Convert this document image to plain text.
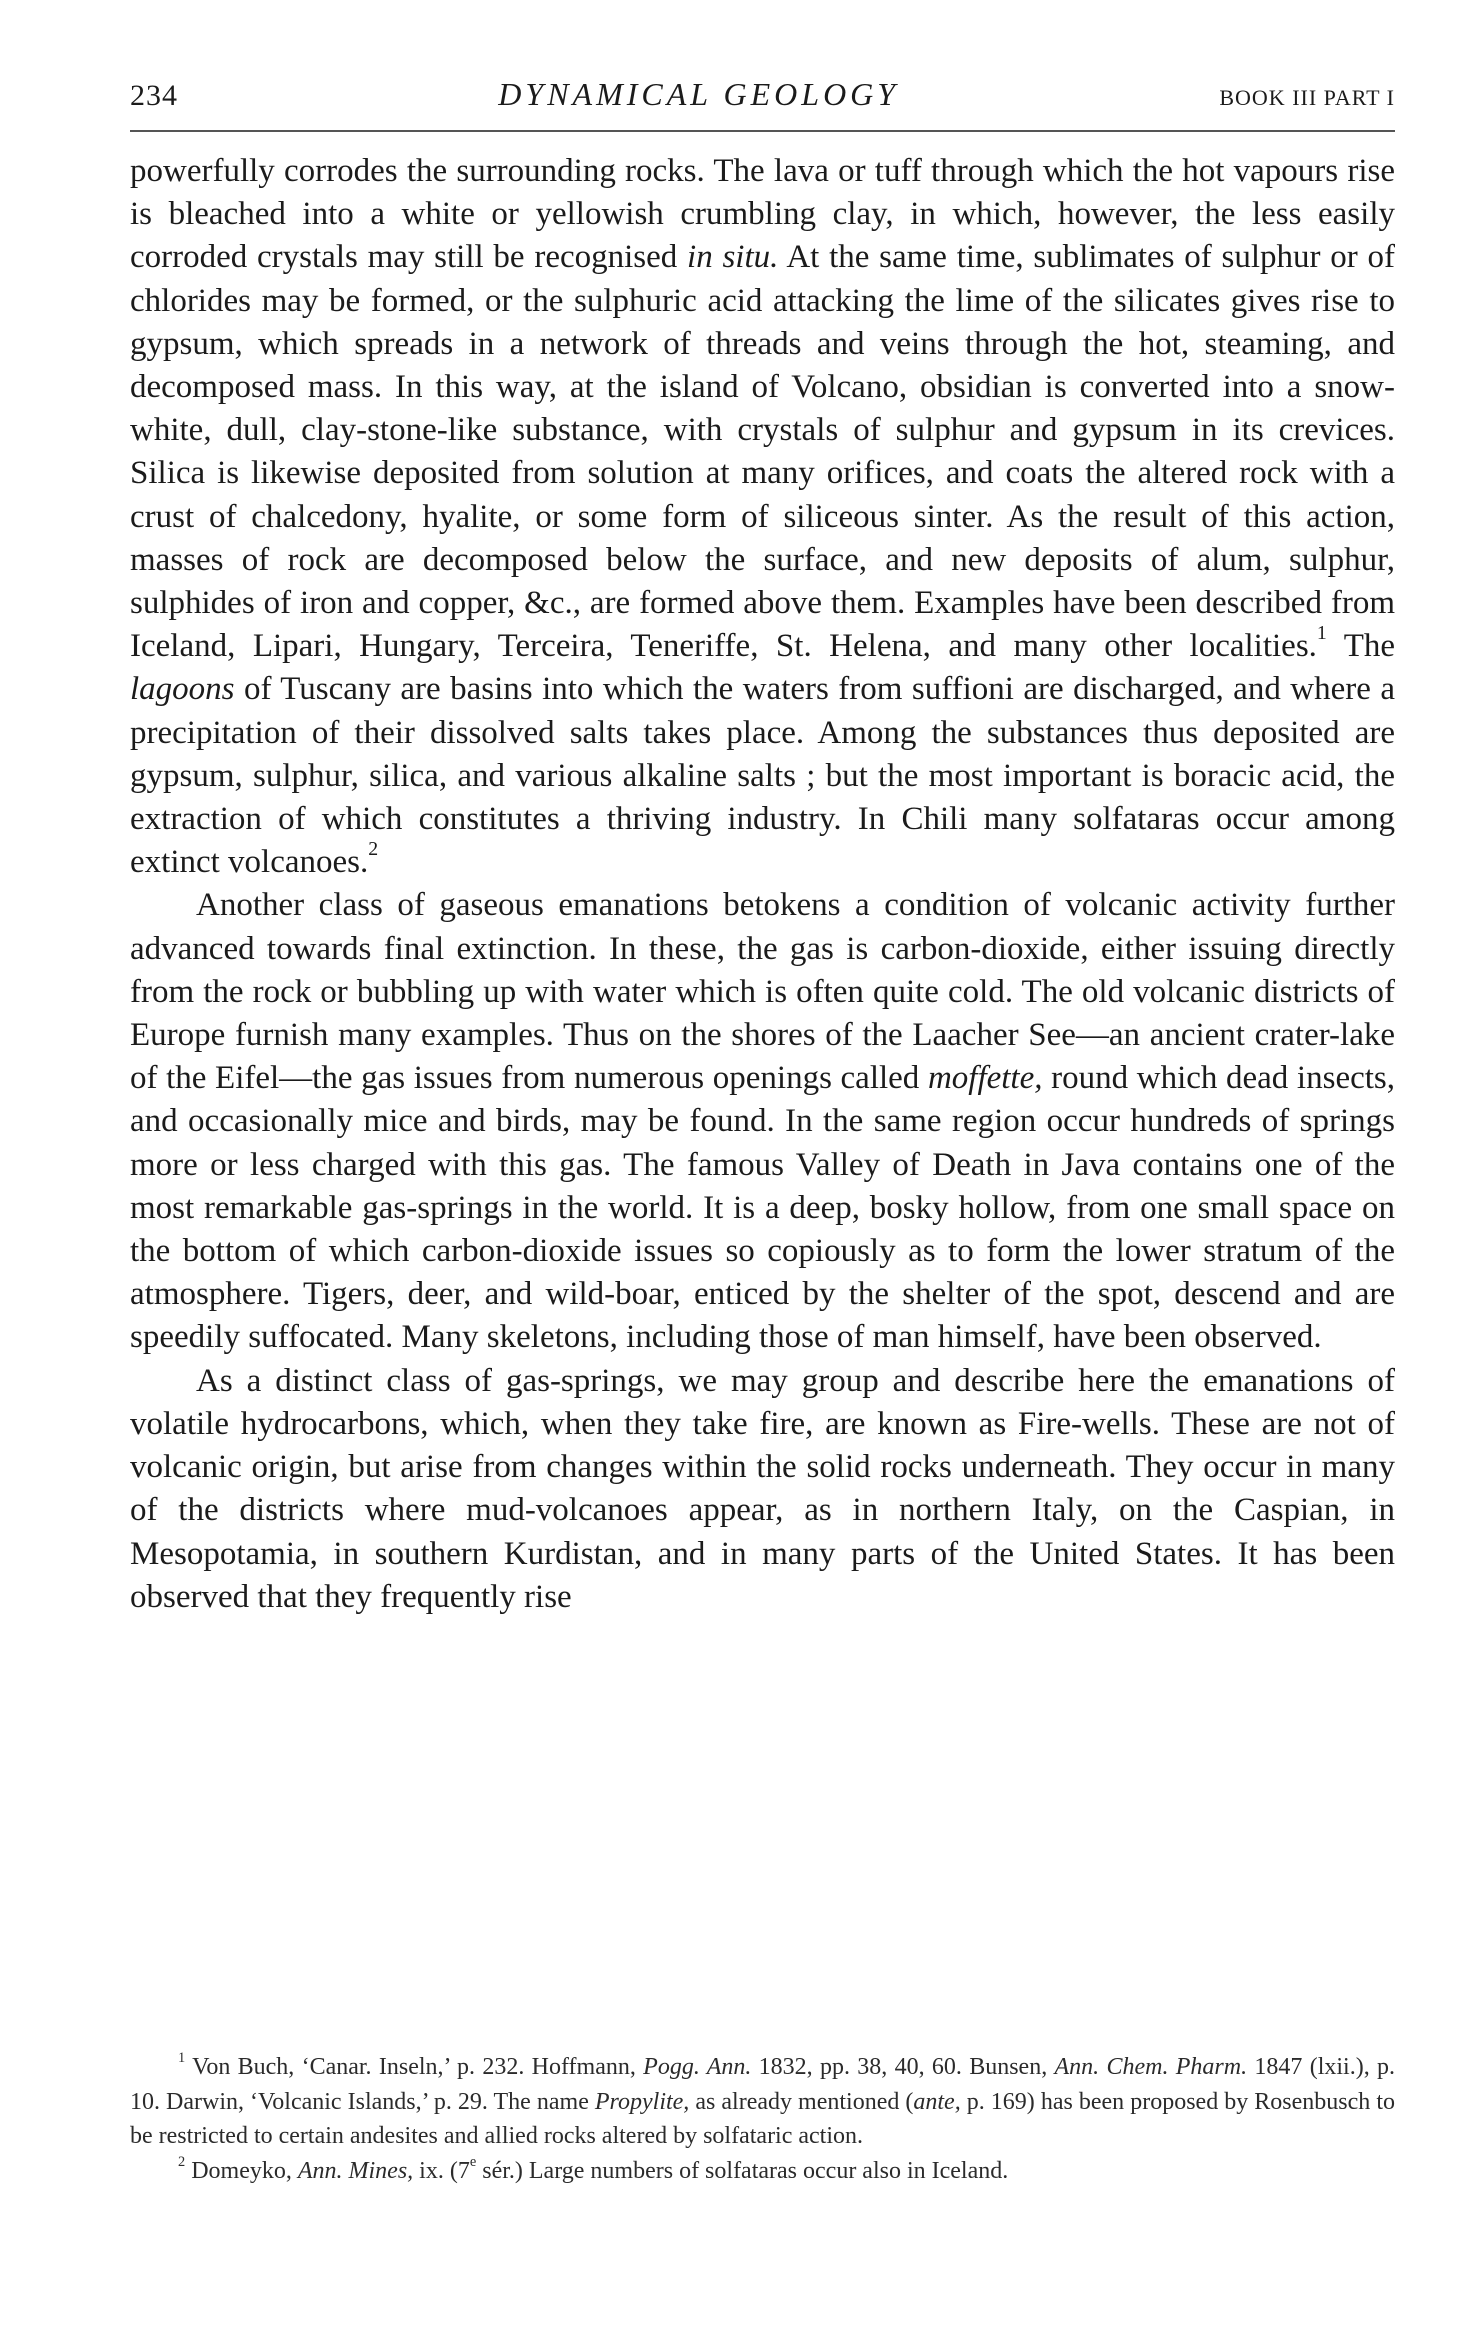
234	DYNAMICAL GEOLOGY	BOOK III PART I

powerfully corrodes the surrounding rocks. The lava or tuff through which the hot vapours rise is bleached into a white or yellowish crumbling clay, in which, however, the less easily corroded crystals may still be recognised in situ. At the same time, sublimates of sulphur or of chlorides may be formed, or the sulphuric acid attacking the lime of the silicates gives rise to gypsum, which spreads in a network of threads and veins through the hot, steaming, and decomposed mass. In this way, at the island of Volcano, obsidian is converted into a snow-white, dull, clay-stone-like substance, with crystals of sulphur and gypsum in its crevices. Silica is likewise deposited from solution at many orifices, and coats the altered rock with a crust of chalcedony, hyalite, or some form of siliceous sinter. As the result of this action, masses of rock are decomposed below the surface, and new deposits of alum, sulphur, sulphides of iron and copper, &c., are formed above them. Examples have been described from Iceland, Lipari, Hungary, Terceira, Teneriffe, St. Helena, and many other localities.$^1$ The lagoons of Tuscany are basins into which the waters from suffioni are discharged, and where a precipitation of their dissolved salts takes place. Among the substances thus deposited are gypsum, sulphur, silica, and various alkaline salts ; but the most important is boracic acid, the extraction of which constitutes a thriving industry. In Chili many solfataras occur among extinct volcanoes.$^2$

Another class of gaseous emanations betokens a condition of volcanic activity further advanced towards final extinction. In these, the gas is carbon-dioxide, either issuing directly from the rock or bubbling up with water which is often quite cold. The old volcanic districts of Europe furnish many examples. Thus on the shores of the Laacher See—an ancient crater-lake of the Eifel—the gas issues from numerous openings called moffette, round which dead insects, and occasionally mice and birds, may be found. In the same region occur hundreds of springs more or less charged with this gas. The famous Valley of Death in Java contains one of the most remarkable gas-springs in the world. It is a deep, bosky hollow, from one small space on the bottom of which carbon-dioxide issues so copiously as to form the lower stratum of the atmosphere. Tigers, deer, and wild-boar, enticed by the shelter of the spot, descend and are speedily suffocated. Many skeletons, including those of man himself, have been observed.

As a distinct class of gas-springs, we may group and describe here the emanations of volatile hydrocarbons, which, when they take fire, are known as Fire-wells. These are not of volcanic origin, but arise from changes within the solid rocks underneath. They occur in many of the districts where mud-volcanoes appear, as in northern Italy, on the Caspian, in Mesopotamia, in southern Kurdistan, and in many parts of the United States. It has been observed that they frequently rise

$^1$ Von Buch, ‘Canar. Inseln,’ p. 232. Hoffmann, Pogg. Ann. 1832, pp. 38, 40, 60. Bunsen, Ann. Chem. Pharm. 1847 (lxii.), p. 10. Darwin, ‘Volcanic Islands,’ p. 29. The name Propylite, as already mentioned (ante, p. 169) has been proposed by Rosenbusch to be restricted to certain andesites and allied rocks altered by solfataric action.

$^2$ Domeyko, Ann. Mines, ix. (7e sér.) Large numbers of solfataras occur also in Iceland.
